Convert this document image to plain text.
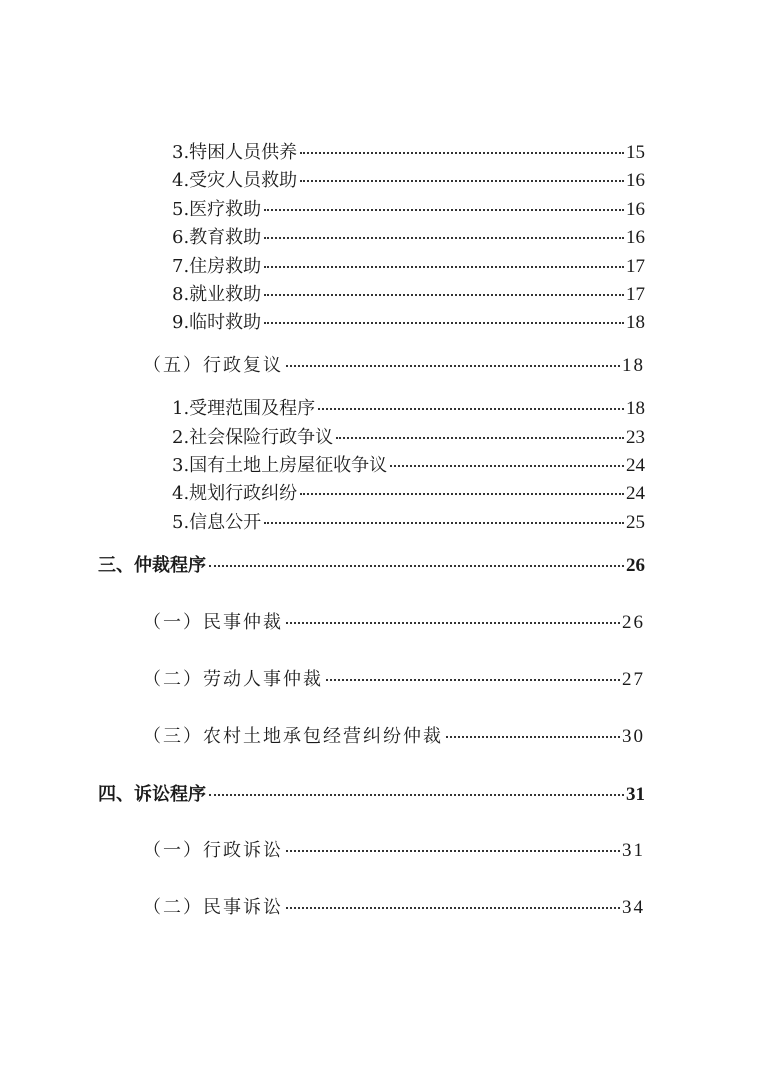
3.特困人员供养	15
4.受灾人员救助	16
5.医疗救助	16
6.教育救助	16
7.住房救助	17
8.就业救助	17
9.临时救助	18
（五）行政复议	18
1.受理范围及程序	18
2.社会保险行政争议	23
3.国有土地上房屋征收争议	24
4.规划行政纠纷	24
5.信息公开	25
三、仲裁程序	26
（一）民事仲裁	26
（二）劳动人事仲裁	27
（三）农村土地承包经营纠纷仲裁	30
四、诉讼程序	31
（一）行政诉讼	31
（二）民事诉讼	34
